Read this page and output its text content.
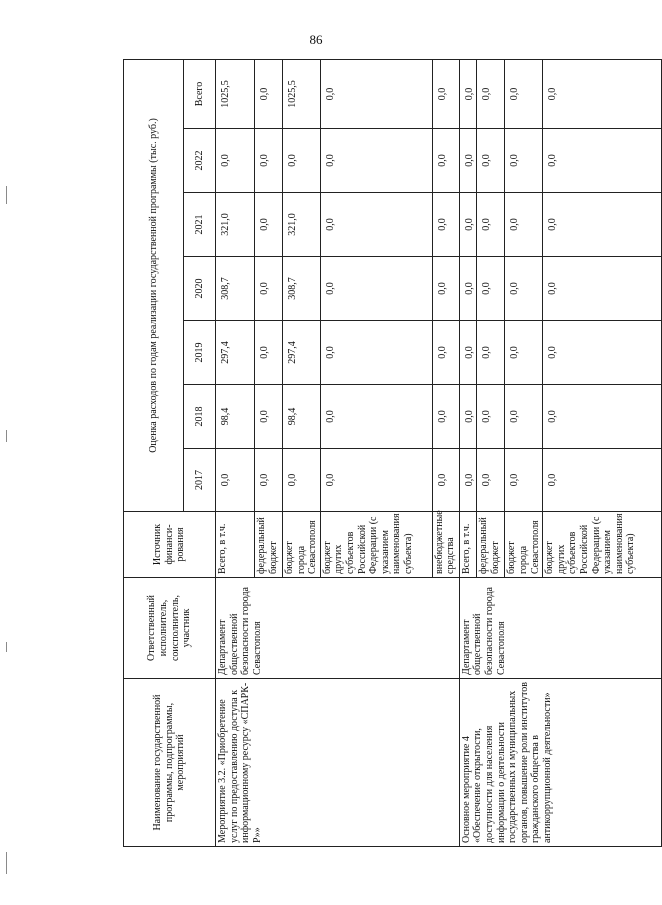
86
Наименование государственной программы, подпрограммы, мероприятий	Ответственный исполнитель, соисполнитель, участник	Источник финанси-рования	Оценка расходов по годам реализации государственной программы (тыс. руб.)						
			2017	2018	2019	2020	2021	2022	Всего
Мероприятие 3.2. «Приобретение услуг по предоставлению доступа к информационному ресурсу «СПАРК-Р»»	Департамент общественной безопасности города Севастополя	Всего, в т.ч.	0,0	98,4	297,4	308,7	321,0	0,0	1025,5
		федеральный бюджет	0,0	0,0	0,0	0,0	0,0	0,0	0,0
		бюджет города Севастополя	0,0	98,4	297,4	308,7	321,0	0,0	1025,5
		бюджет других субъектов Российской Федерации (с указанием наименования субъекта)	0,0	0,0	0,0	0,0	0,0	0,0	0,0
		внебюджетные средства	0,0	0,0	0,0	0,0	0,0	0,0	0,0
Основное мероприятие 4 «Обеспечение открытости, доступности для населения информации о деятельности государственных и муниципальных органов, повышение роли институтов гражданского общества в антикоррупционной деятельности»	Департамент общественной безопасности города Севастополя	Всего, в т.ч.	0,0	0,0	0,0	0,0	0,0	0,0	0,0
		федеральный бюджет	0,0	0,0	0,0	0,0	0,0	0,0	0,0
		бюджет города Севастополя	0,0	0,0	0,0	0,0	0,0	0,0	0,0
		бюджет других субъектов Российской Федерации (с указанием наименования субъекта)	0,0	0,0	0,0	0,0	0,0	0,0	0,0
